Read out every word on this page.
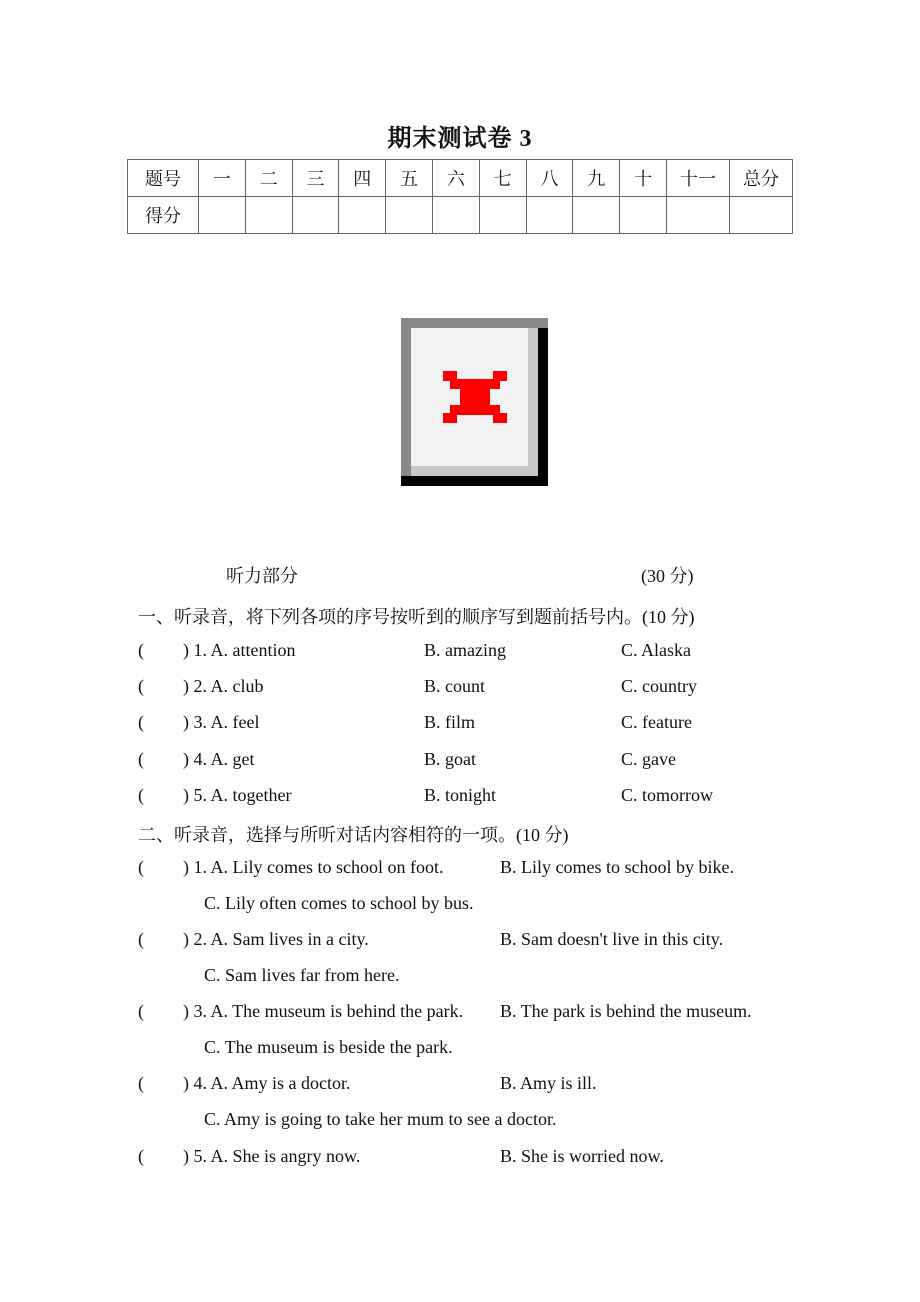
期末测试卷 3
题号	一	二	三	四	五	六	七	八	九	十	十一	总分
得分												
听力部分	(30 分)
一、听录音，将下列各项的序号按听到的顺序写到题前括号内。(10 分)
( ) 1. A. attention	B. amazing	C. Alaska
( ) 2. A. club	B. count	C. country
( ) 3. A. feel	B. film	C. feature
( ) 4. A. get	B. goat	C. gave
( ) 5. A. together	B. tonight	C. tomorrow
二、听录音，选择与所听对话内容相符的一项。(10 分)
( ) 1. A. Lily comes to school on foot.	B. Lily comes to school by bike.
C. Lily often comes to school by bus.
( ) 2. A. Sam lives in a city.	B. Sam doesn't live in this city.
C. Sam lives far from here.
( ) 3. A. The museum is behind the park. B. The park is behind the museum.
C. The museum is beside the park.
( ) 4. A. Amy is a doctor.	B. Amy is ill.
C. Amy is going to take her mum to see a doctor.
( ) 5. A. She is angry now.	B. She is worried now.
